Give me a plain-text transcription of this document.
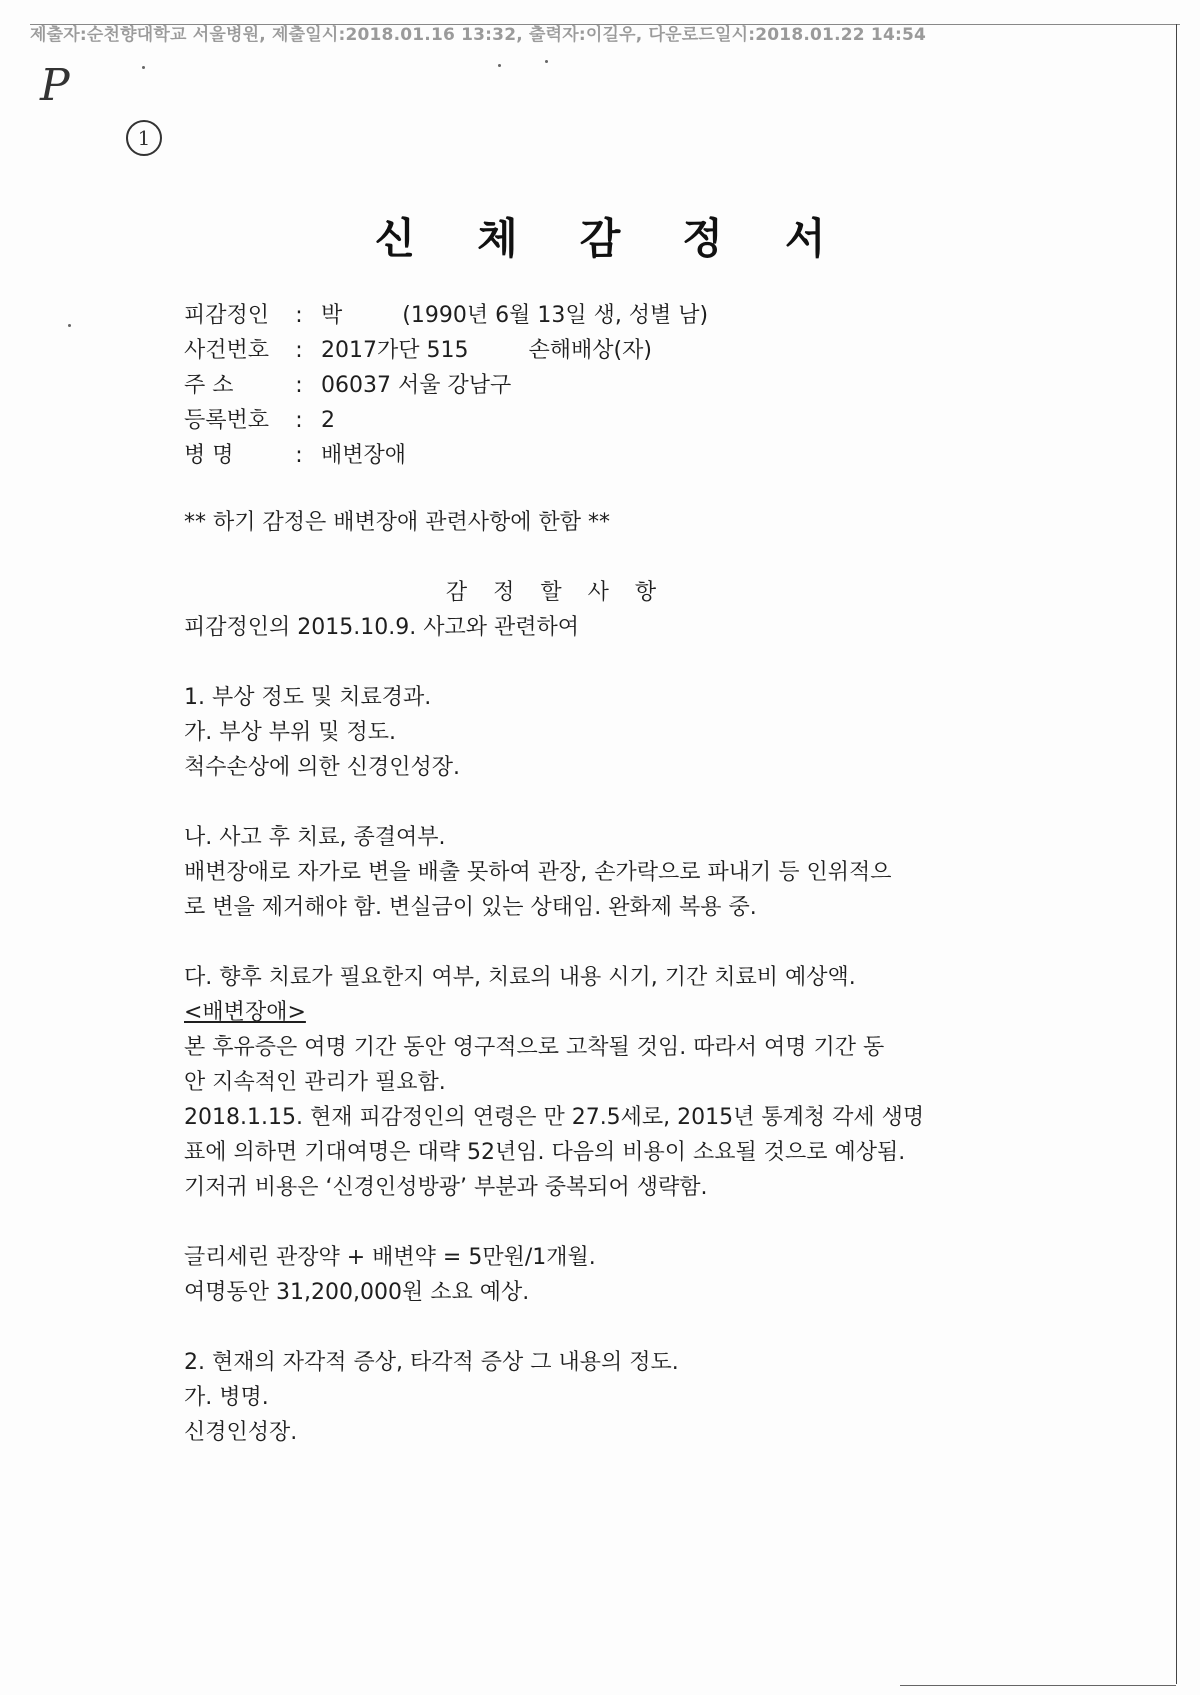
제출자:순천향대학교 서울병원, 제출일시:2018.01.16 13:32, 출력자:이길우, 다운로드일시:2018.01.22 14:54
P
1
신체감정서
피감정인 : 박	(1990년 6월 13일 생, 성별 남)
사건번호 : 2017가단 515	손해배상(자)
주 소	: 06037 서울 강남구
등록번호 : 2
병 명	: 배변장애

** 하기 감정은 배변장애 관련사항에 한함 **

감정할사항

피감정인의 2015.10.9. 사고와 관련하여

1. 부상 정도 및 치료경과.

가. 부상 부위 및 정도.

척수손상에 의한 신경인성장.

나. 사고 후 치료, 종결여부.

배변장애로 자가로 변을 배출 못하여 관장, 손가락으로 파내기 등 인위적으

로 변을 제거해야 함. 변실금이 있는 상태임. 완화제 복용 중.

다. 향후 치료가 필요한지 여부, 치료의 내용 시기, 기간 치료비 예상액.

<배변장애>

본 후유증은 여명 기간 동안 영구적으로 고착될 것임. 따라서 여명 기간 동

안 지속적인 관리가 필요함.

2018.1.15. 현재 피감정인의 연령은 만 27.5세로, 2015년 통계청 각세 생명

표에 의하면 기대여명은 대략 52년임. 다음의 비용이 소요될 것으로 예상됨.

기저귀 비용은 ‘신경인성방광’ 부분과 중복되어 생략함.

글리세린 관장약 + 배변약 = 5만원/1개월.

여명동안 31,200,000원 소요 예상.

2. 현재의 자각적 증상, 타각적 증상 그 내용의 정도.

가. 병명.

신경인성장.
